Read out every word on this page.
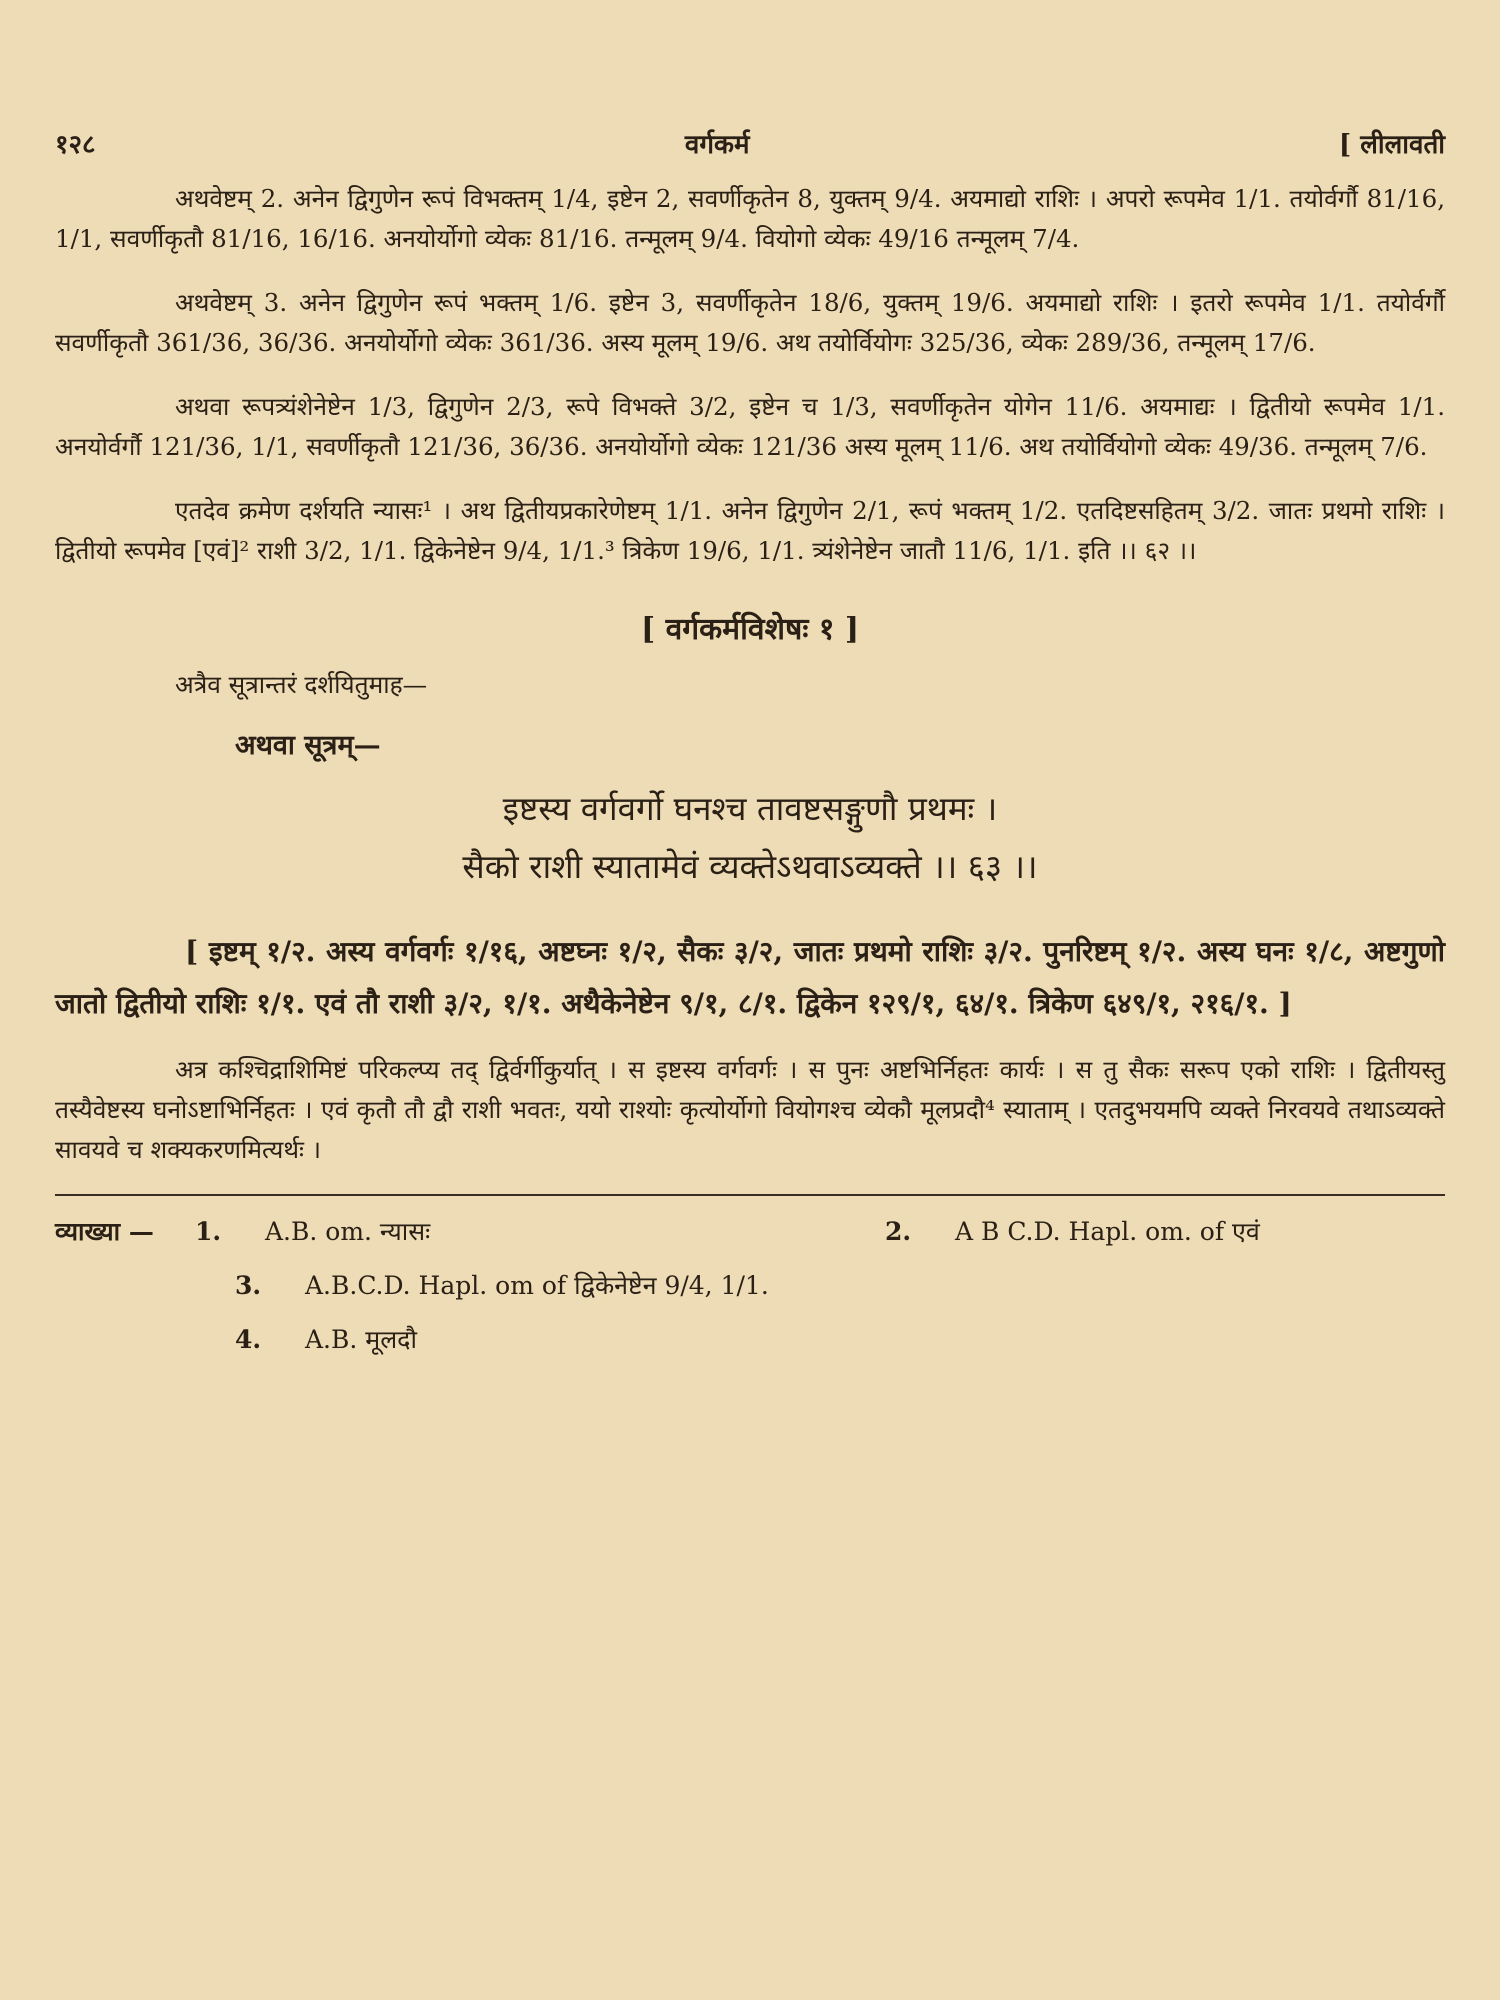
१२८	वर्गकर्म	[ लीलावती

अथवेष्टम् 2. अनेन द्विगुणेन रूपं विभक्तम् 1/4, इष्टेन 2, सवर्णीकृतेन 8, युक्तम् 9/4. अयमाद्यो राशिः । अपरो रूपमेव 1/1. तयोर्वर्गौ 81/16, 1/1, सवर्णीकृतौ 81/16, 16/16. अनयोर्योगो व्येकः 81/16. तन्मूलम् 9/4. वियोगो व्येकः 49/16 तन्मूलम् 7/4.

अथवेष्टम् 3. अनेन द्विगुणेन रूपं भक्तम् 1/6. इष्टेन 3, सवर्णीकृतेन 18/6, युक्तम् 19/6. अयमाद्यो राशिः । इतरो रूपमेव 1/1. तयोर्वर्गौ सवर्णीकृतौ 361/36, 36/36. अनयोर्योगो व्येकः 361/36. अस्य मूलम् 19/6. अथ तयोर्वियोगः 325/36, व्येकः 289/36, तन्मूलम् 17/6.

अथवा रूपत्र्यंशेनेष्टेन 1/3, द्विगुणेन 2/3, रूपे विभक्ते 3/2, इष्टेन च 1/3, सवर्णीकृतेन योगेन 11/6. अयमाद्यः । द्वितीयो रूपमेव 1/1. अनयोर्वर्गौ 121/36, 1/1, सवर्णीकृतौ 121/36, 36/36. अनयोर्योगो व्येकः 121/36 अस्य मूलम् 11/6. अथ तयोर्वियोगो व्येकः 49/36. तन्मूलम् 7/6.

एतदेव क्रमेण दर्शयति न्यासः¹ । अथ द्वितीयप्रकारेणेष्टम् 1/1. अनेन द्विगुणेन 2/1, रूपं भक्तम् 1/2. एतदिष्टसहितम् 3/2. जातः प्रथमो राशिः । द्वितीयो रूपमेव [एवं]² राशी 3/2, 1/1. द्विकेनेष्टेन 9/4, 1/1.³ त्रिकेण 19/6, 1/1. त्र्यंशेनेष्टेन जातौ 11/6, 1/1. इति ।। ६२ ।।

[ वर्गकर्मविशेषः १ ]

अत्रैव सूत्रान्तरं दर्शयितुमाह—

अथवा सूत्रम्—
इष्टस्य वर्गवर्गो घनश्च तावष्टसङ्गुणौ प्रथमः ।
सैको राशी स्यातामेवं व्यक्तेऽथवाऽव्यक्ते ।। ६३ ।।

[ इष्टम् १/२. अस्य वर्गवर्गः १/१६, अष्टघ्नः १/२, सैकः ३/२, जातः प्रथमो राशिः ३/२. पुनरिष्टम् १/२. अस्य घनः १/८, अष्टगुणो जातो द्वितीयो राशिः १/१. एवं तौ राशी ३/२, १/१. अथैकेनेष्टेन ९/१, ८/१. द्विकेन १२९/१, ६४/१. त्रिकेण ६४९/१, २१६/१. ]

अत्र कश्चिद्राशिमिष्टं परिकल्प्य तद् द्विर्वर्गीकुर्यात् । स इष्टस्य वर्गवर्गः । स पुनः अष्टभिर्निहतः कार्यः । स तु सैकः सरूप एको राशिः । द्वितीयस्तु तस्यैवेष्टस्य घनोऽष्टाभिर्निहतः । एवं कृतौ तौ द्वौ राशी भवतः, ययो राश्योः कृत्योर्योगो वियोगश्च व्येकौ मूलप्रदौ⁴ स्याताम् । एतदुभयमपि व्यक्ते निरवयवे तथाऽव्यक्ते सावयवे च शक्यकरणमित्यर्थः ।

व्याख्या —	1. A.B. om. न्यासः	2. A B C.D. Hapl. om. of एवं
3.	A.B.C.D. Hapl. om of द्विकेनेष्टेन 9/4, 1/1.
4.	A.B. मूलदौ
